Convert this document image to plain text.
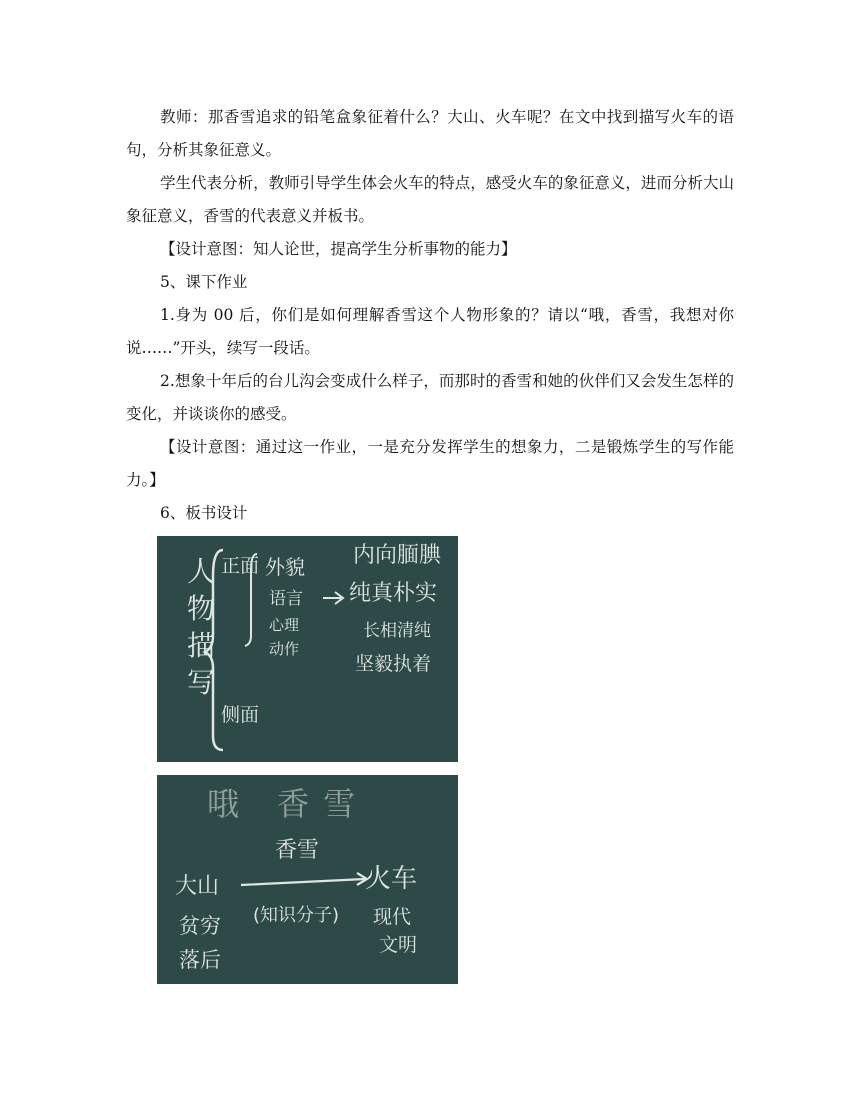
教师：那香雪追求的铅笔盒象征着什么？大山、火车呢？在文中找到描写火车的语句，分析其象征意义。

学生代表分析，教师引导学生体会火车的特点，感受火车的象征意义，进而分析大山象征意义，香雪的代表意义并板书。

【设计意图：知人论世，提高学生分析事物的能力】

5、课下作业

1.身为 00 后，你们是如何理解香雪这个人物形象的？请以“哦，香雪，我想对你说……”开头，续写一段话。

2.想象十年后的台儿沟会变成什么样子，而那时的香雪和她的伙伴们又会发生怎样的变化，并谈谈你的感受。

【设计意图：通过这一作业，一是充分发挥学生的想象力，二是锻炼学生的写作能力。】

6、板书设计

人
物
描
写
正面
侧面
外貌
语言
心理
动作
内向腼腆
纯真朴实
长相清纯
坚毅执着
哦 香雪
香雪
大山	火车
(知识分子)
贫穷
落后
现代
文明
